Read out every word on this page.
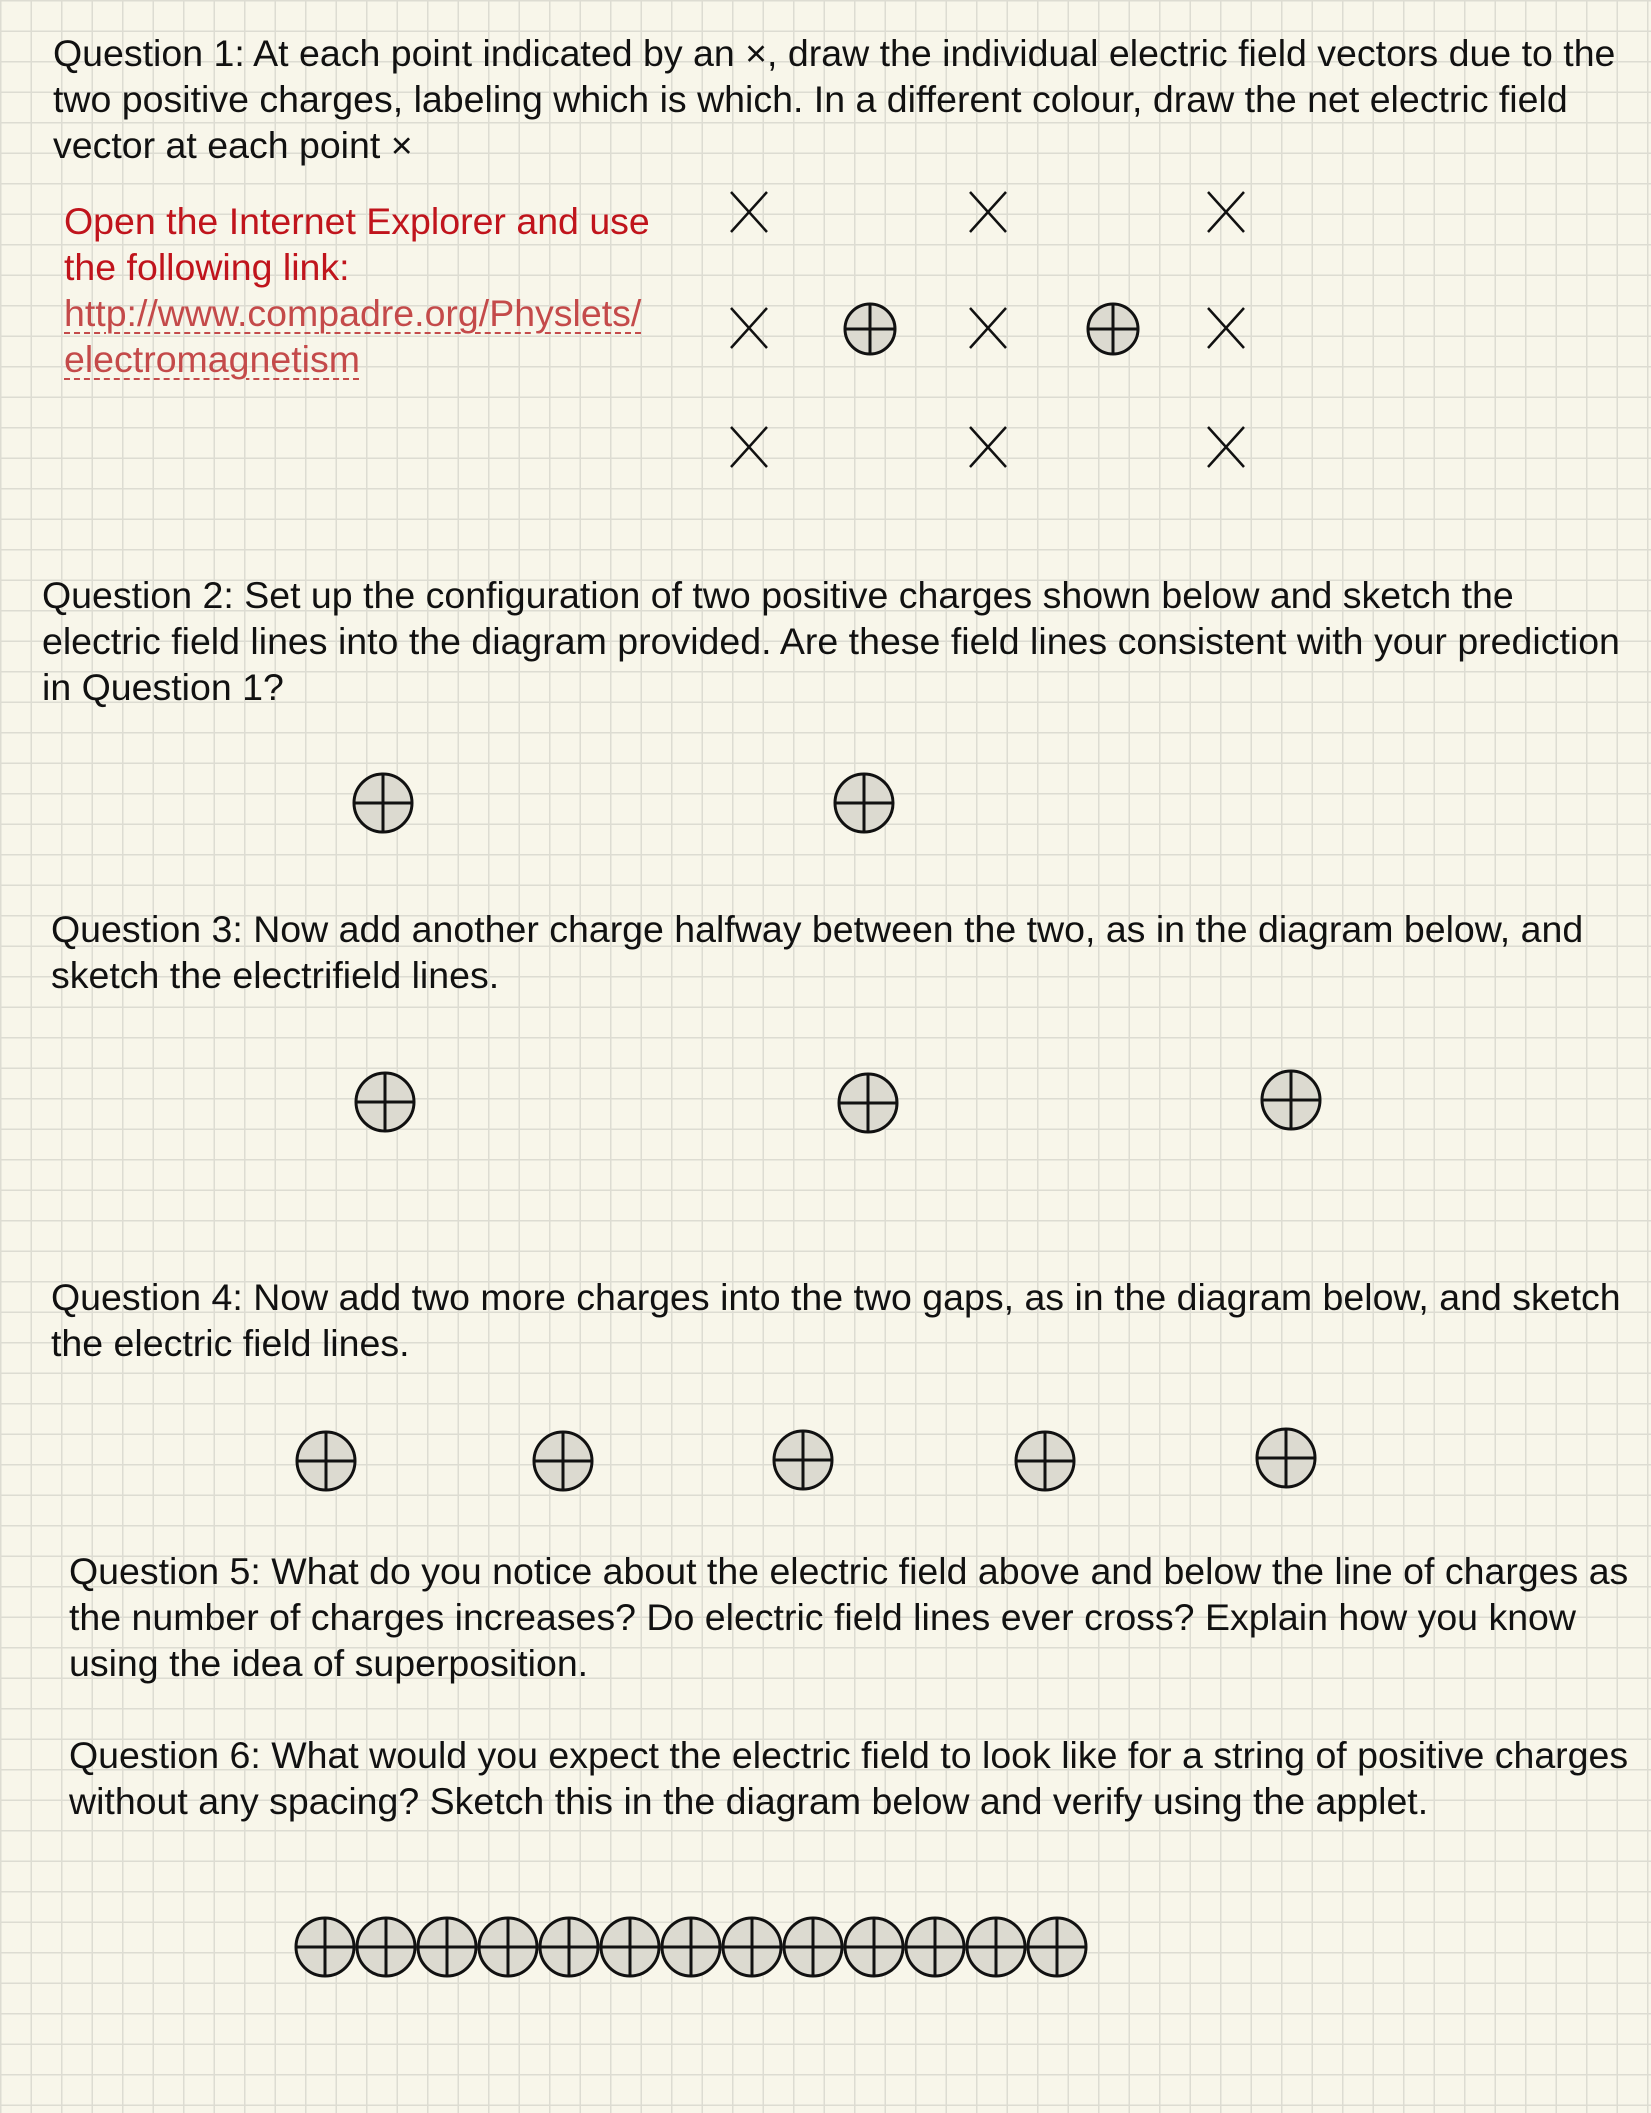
Question 1: At each point indicated by an ×, draw the individual electric field vectors due to the two positive charges, labeling which is which. In a different colour, draw the net electric field vector at each point ×

Open the Internet Explorer and use the following link:
http://www.compadre.org/Physlets/
electromagnetism

Question 2: Set up the configuration of two positive charges shown below and sketch the electric field lines into the diagram provided. Are these field lines consistent with your prediction in Question 1?

Question 3: Now add another charge halfway between the two, as in the diagram below, and sketch the electrifield lines.

Question 4: Now add two more charges into the two gaps, as in the diagram below, and sketch the electric field lines.

Question 5: What do you notice about the electric field above and below the line of charges as the number of charges increases? Do electric field lines ever cross? Explain how you know using the idea of superposition.

Question 6: What would you expect the electric field to look like for a string of positive charges without any spacing? Sketch this in the diagram below and verify using the applet.
